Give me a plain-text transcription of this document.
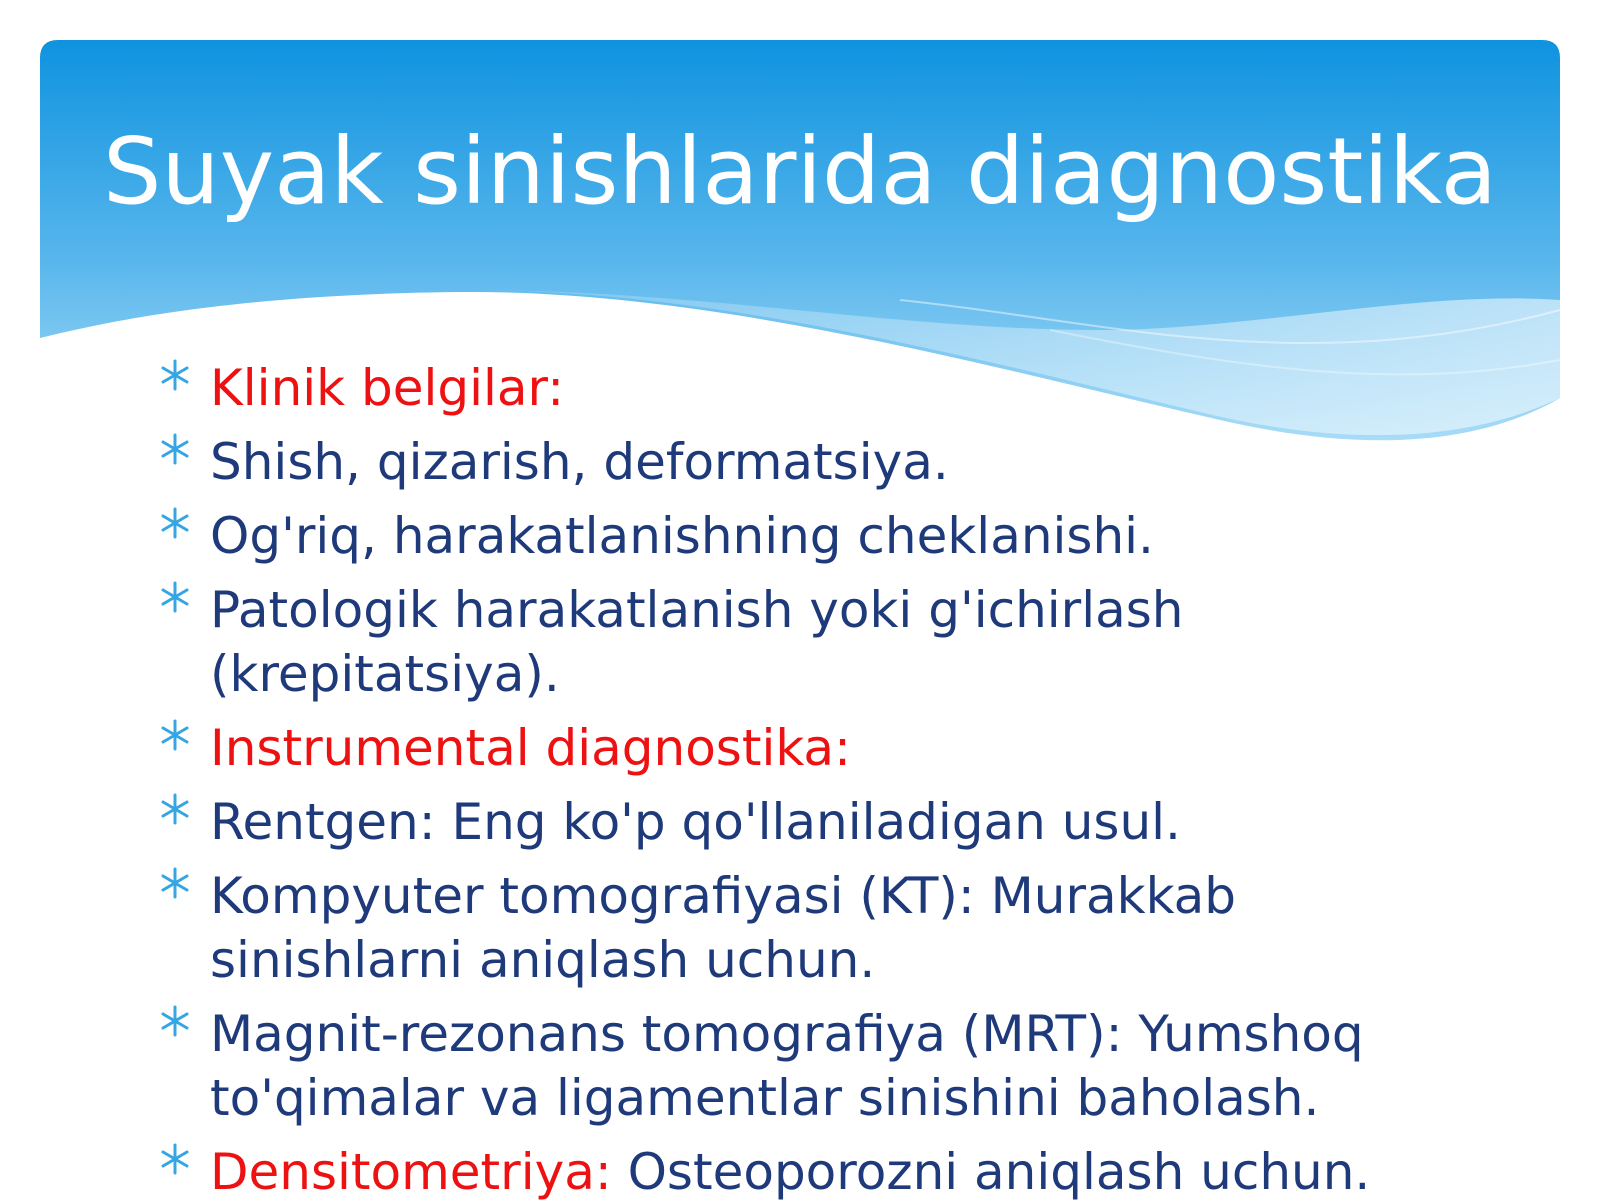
Suyak sinishlarida diagnostika
Klinik belgilar:
Shish, qizarish, deformatsiya.
Og'riq, harakatlanishning cheklanishi.
Patologik harakatlanish yoki g'ichirlash (krepitatsiya).
Instrumental diagnostika:
Rentgen: Eng ko'p qo'llaniladigan usul.
Kompyuter tomografiyasi (KT): Murakkab sinishlarni aniqlash uchun.
Magnit-rezonans tomografiya (MRT): Yumshoq to'qimalar va ligamentlar sinishini baholash.
Densitometriya: Osteoporozni aniqlash uchun.
